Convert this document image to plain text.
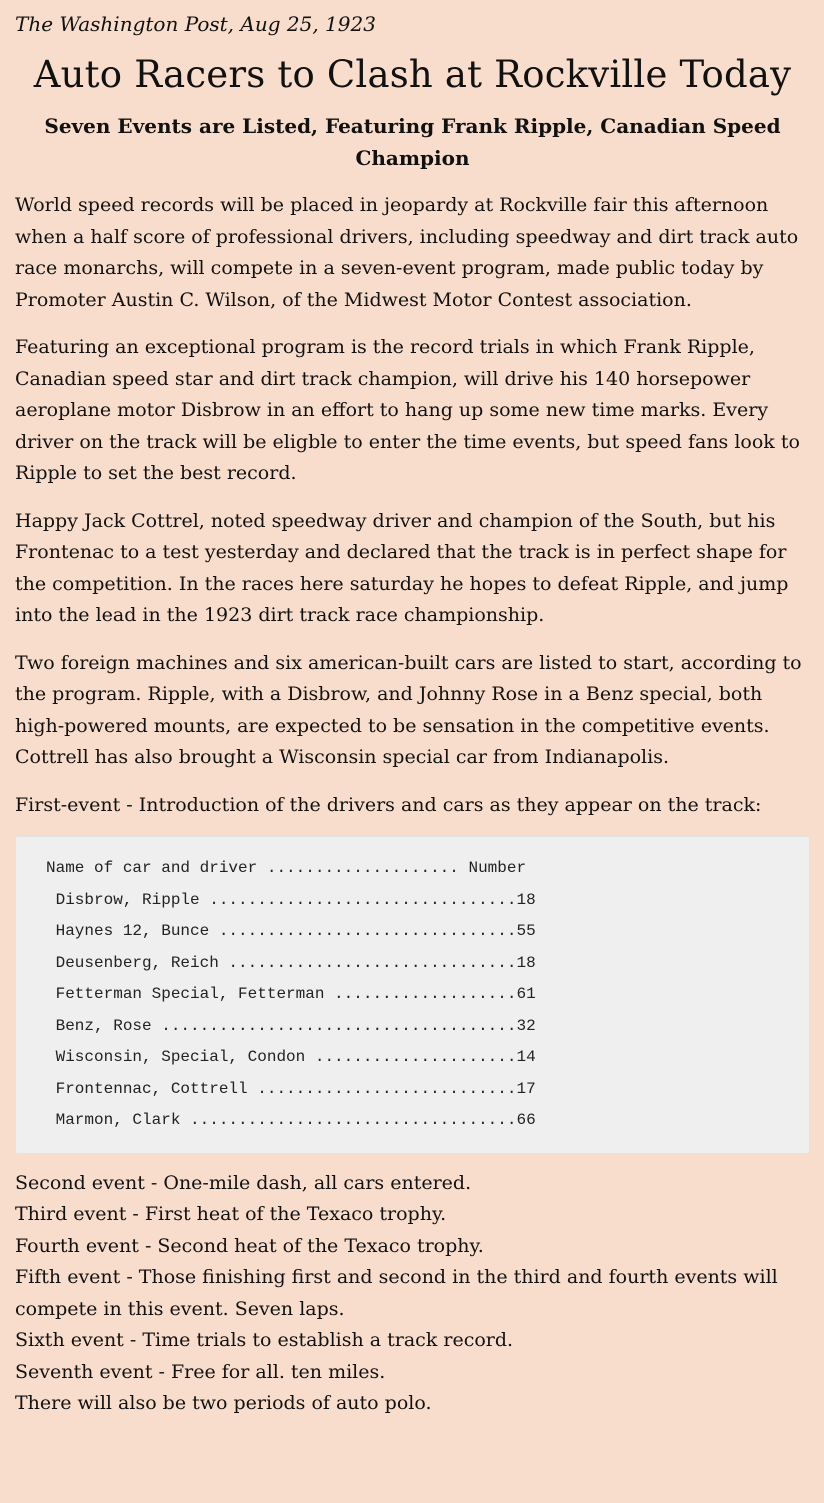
The Washington Post, Aug 25, 1923
Auto Racers to Clash at Rockville Today
Seven Events are Listed, Featuring Frank Ripple, Canadian Speed Champion

World speed records will be placed in jeopardy at Rockville fair this afternoon when a half score of professional drivers, including speedway and dirt track auto race monarchs, will compete in a seven-event program, made public today by Promoter Austin C. Wilson, of the Midwest Motor Contest association.

Featuring an exceptional program is the record trials in which Frank Ripple, Canadian speed star and dirt track champion, will drive his 140 horsepower aeroplane motor Disbrow in an effort to hang up some new time marks. Every driver on the track will be eligble to enter the time events, but speed fans look to Ripple to set the best record.

Happy Jack Cottrel, noted speedway driver and champion of the South, but his Frontenac to a test yesterday and declared that the track is in perfect shape for the competition. In the races here saturday he hopes to defeat Ripple, and jump into the lead in the 1923 dirt track race championship.

Two foreign machines and six american-built cars are listed to start, according to the program. Ripple, with a Disbrow, and Johnny Rose in a Benz special, both high-powered mounts, are expected to be sensation in the competitive events. Cottrell has also brought a Wisconsin special car from Indianapolis.

First-event - Introduction of the drivers and cars as they appear on the track:

Name of car and driver .................... Number
Disbrow, Ripple ................................18
Haynes 12, Bunce ...............................55
Deusenberg, Reich ..............................18
Fetterman Special, Fetterman ...................61
Benz, Rose .....................................32
Wisconsin, Special, Condon .....................14
Frontennac, Cottrell ...........................17
Marmon, Clark ..................................66
Second event - One-mile dash, all cars entered.
Third event - First heat of the Texaco trophy.
Fourth event - Second heat of the Texaco trophy.
Fifth event - Those finishing first and second in the third and fourth events will compete in this event. Seven laps.
Sixth event - Time trials to establish a track record.
Seventh event - Free for all. ten miles.
There will also be two periods of auto polo.
